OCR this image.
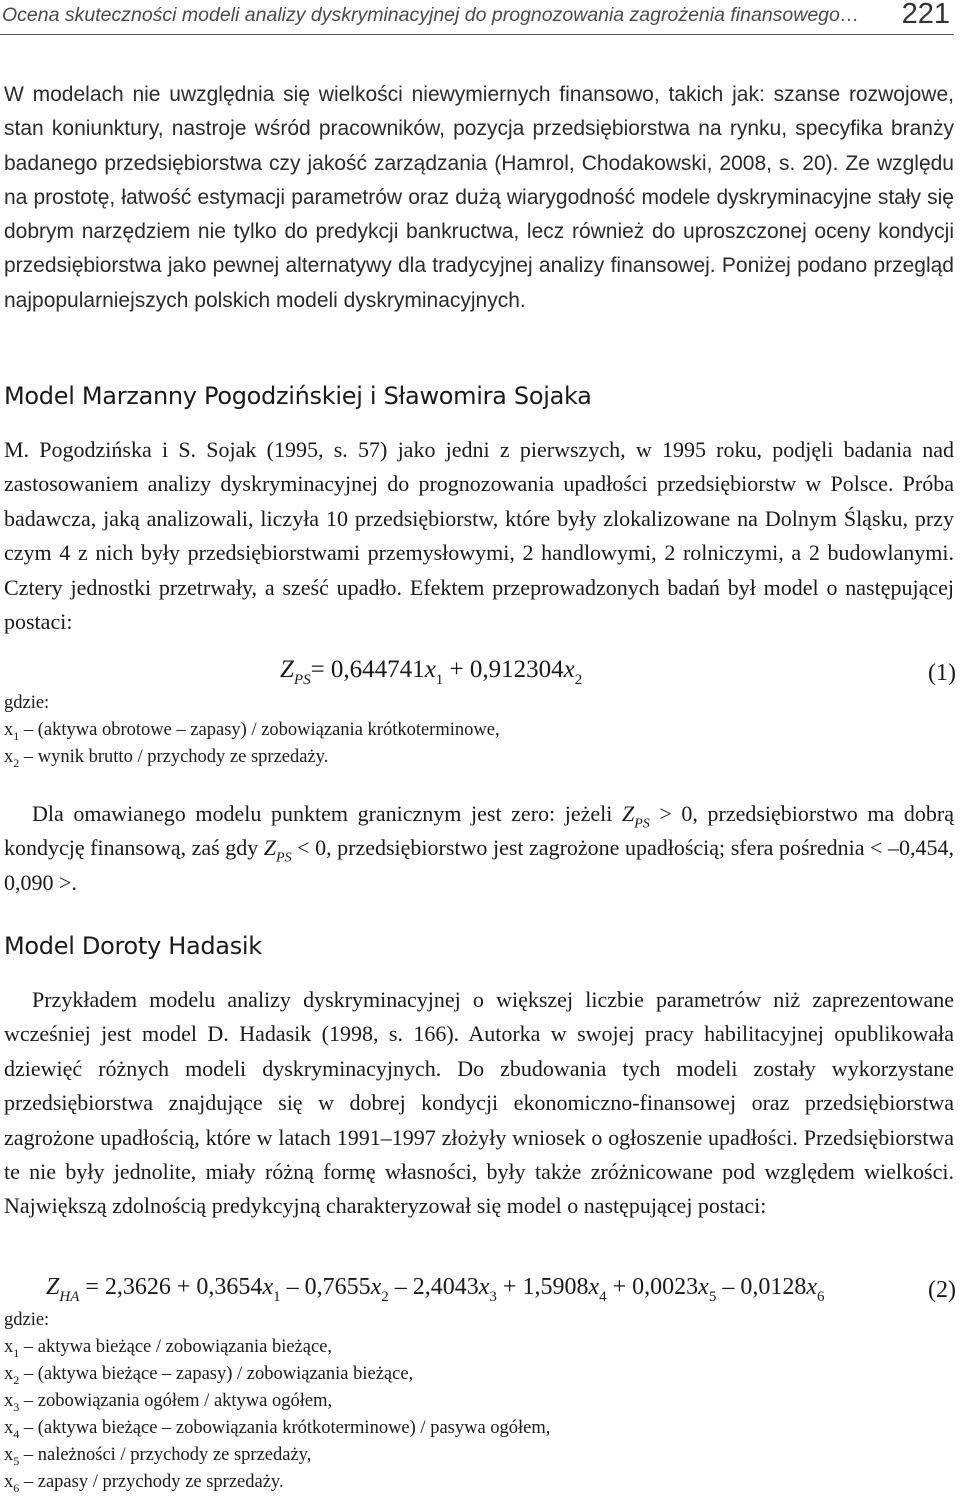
Ocena skuteczności modeli analizy dyskryminacyjnej do prognozowania zagrożenia finansowego… 221

W modelach nie uwzględnia się wielkości niewymiernych finansowo, takich jak: szanse rozwojowe, stan koniunktury, nastroje wśród pracowników, pozycja przedsiębiorstwa na rynku, specyfika branży badanego przedsiębiorstwa czy jakość zarządzania (Hamrol, Chodakowski, 2008, s. 20). Ze względu na prostotę, łatwość estymacji parametrów oraz dużą wiarygodność modele dyskryminacyjne stały się dobrym narzędziem nie tylko do predykcji bankructwa, lecz również do uproszczonej oceny kondycji przedsiębiorstwa jako pewnej alternatywy dla tradycyjnej analizy finansowej. Poniżej podano przegląd najpopularniejszych polskich modeli dyskryminacyjnych.

Model Marzanny Pogodzińskiej i Sławomira Sojaka

M. Pogodzińska i S. Sojak (1995, s. 57) jako jedni z pierwszych, w 1995 roku, podjęli badania nad zastosowaniem analizy dyskryminacyjnej do prognozowania upadłości przedsiębiorstw w Polsce. Próba badawcza, jaką analizowali, liczyła 10 przedsiębiorstw, które były zlokalizowane na Dolnym Śląsku, przy czym 4 z nich były przedsiębiorstwami przemysłowymi, 2 handlowymi, 2 rolniczymi, a 2 budowlanymi. Cztery jednostki przetrwały, a sześć upadło. Efektem przeprowadzonych badań był model o następującej postaci:

$Z_{PS}= 0,644741x_1 + 0,912304x_2$	(1)
gdzie:
$x_1$ – (aktywa obrotowe – zapasy) / zobowiązania krótkoterminowe,
$x_2$ – wynik brutto / przychody ze sprzedaży.

Dla omawianego modelu punktem granicznym jest zero: jeżeli $Z_{PS} > 0$, przedsiębiorstwo ma dobrą kondycję finansową, zaś gdy $Z_{PS} < 0$, przedsiębiorstwo jest zagrożone upadłością; sfera pośrednia < –0,454, 0,090 >.

Model Doroty Hadasik

Przykładem modelu analizy dyskryminacyjnej o większej liczbie parametrów niż zaprezentowane wcześniej jest model D. Hadasik (1998, s. 166). Autorka w swojej pracy habilitacyjnej opublikowała dziewięć różnych modeli dyskryminacyjnych. Do zbudowania tych modeli zostały wykorzystane przedsiębiorstwa znajdujące się w dobrej kondycji ekonomiczno-finansowej oraz przedsiębiorstwa zagrożone upadłością, które w latach 1991–1997 złożyły wniosek o ogłoszenie upadłości. Przedsiębiorstwa te nie były jednolite, miały różną formę własności, były także zróżnicowane pod względem wielkości. Największą zdolnością predykcyjną charakteryzował się model o następującej postaci:

$Z_{HA} = 2,3626 + 0,3654x_1 - 0,7655x_2 - 2,4043x_3 + 1,5908x_4 + 0,0023x_5 - 0,0128x_6$	(2)
gdzie:
$x_1$ – aktywa bieżące / zobowiązania bieżące,
$x_2$ – (aktywa bieżące – zapasy) / zobowiązania bieżące,
$x_3$ – zobowiązania ogółem / aktywa ogółem,
$x_4$ – (aktywa bieżące – zobowiązania krótkoterminowe) / pasywa ogółem,
$x_5$ – należności / przychody ze sprzedaży,
$x_6$ – zapasy / przychody ze sprzedaży.
